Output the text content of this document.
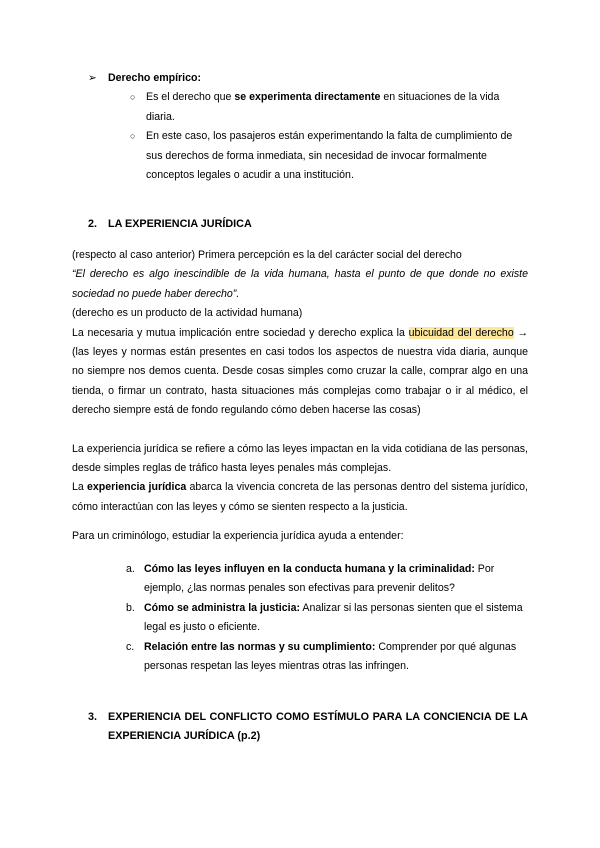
➢	Derecho empírico:
○ Es el derecho que se experimenta directamente en situaciones de la vida diaria.
○ En este caso, los pasajeros están experimentando la falta de cumplimiento de sus derechos de forma inmediata, sin necesidad de invocar formalmente conceptos legales o acudir a una institución.
2. LA EXPERIENCIA JURÍDICA

(respecto al caso anterior) Primera percepción es la del carácter social del derecho

“El derecho es algo inescindible de la vida humana, hasta el punto de que donde no existe sociedad no puede haber derecho”.

(derecho es un producto de la actividad humana)

La necesaria y mutua implicación entre sociedad y derecho explica la ubicuidad del derecho → (las leyes y normas están presentes en casi todos los aspectos de nuestra vida diaria, aunque no siempre nos demos cuenta. Desde cosas simples como cruzar la calle, comprar algo en una tienda, o firmar un contrato, hasta situaciones más complejas como trabajar o ir al médico, el derecho siempre está de fondo regulando cómo deben hacerse las cosas)

La experiencia jurídica se refiere a cómo las leyes impactan en la vida cotidiana de las personas, desde simples reglas de tráfico hasta leyes penales más complejas.

La experiencia jurídica abarca la vivencia concreta de las personas dentro del sistema jurídico, cómo interactúan con las leyes y cómo se sienten respecto a la justicia.

Para un criminólogo, estudiar la experiencia jurídica ayuda a entender:

a. Cómo las leyes influyen en la conducta humana y la criminalidad: Por ejemplo, ¿las normas penales son efectivas para prevenir delitos?
b. Cómo se administra la justicia: Analizar si las personas sienten que el sistema legal es justo o eficiente.
c. Relación entre las normas y su cumplimiento: Comprender por qué algunas personas respetan las leyes mientras otras las infringen.
3.	EXPERIENCIA DEL CONFLICTO COMO ESTÍMULO PARA LA CONCIENCIA DE LA EXPERIENCIA JURÍDICA (p.2)
